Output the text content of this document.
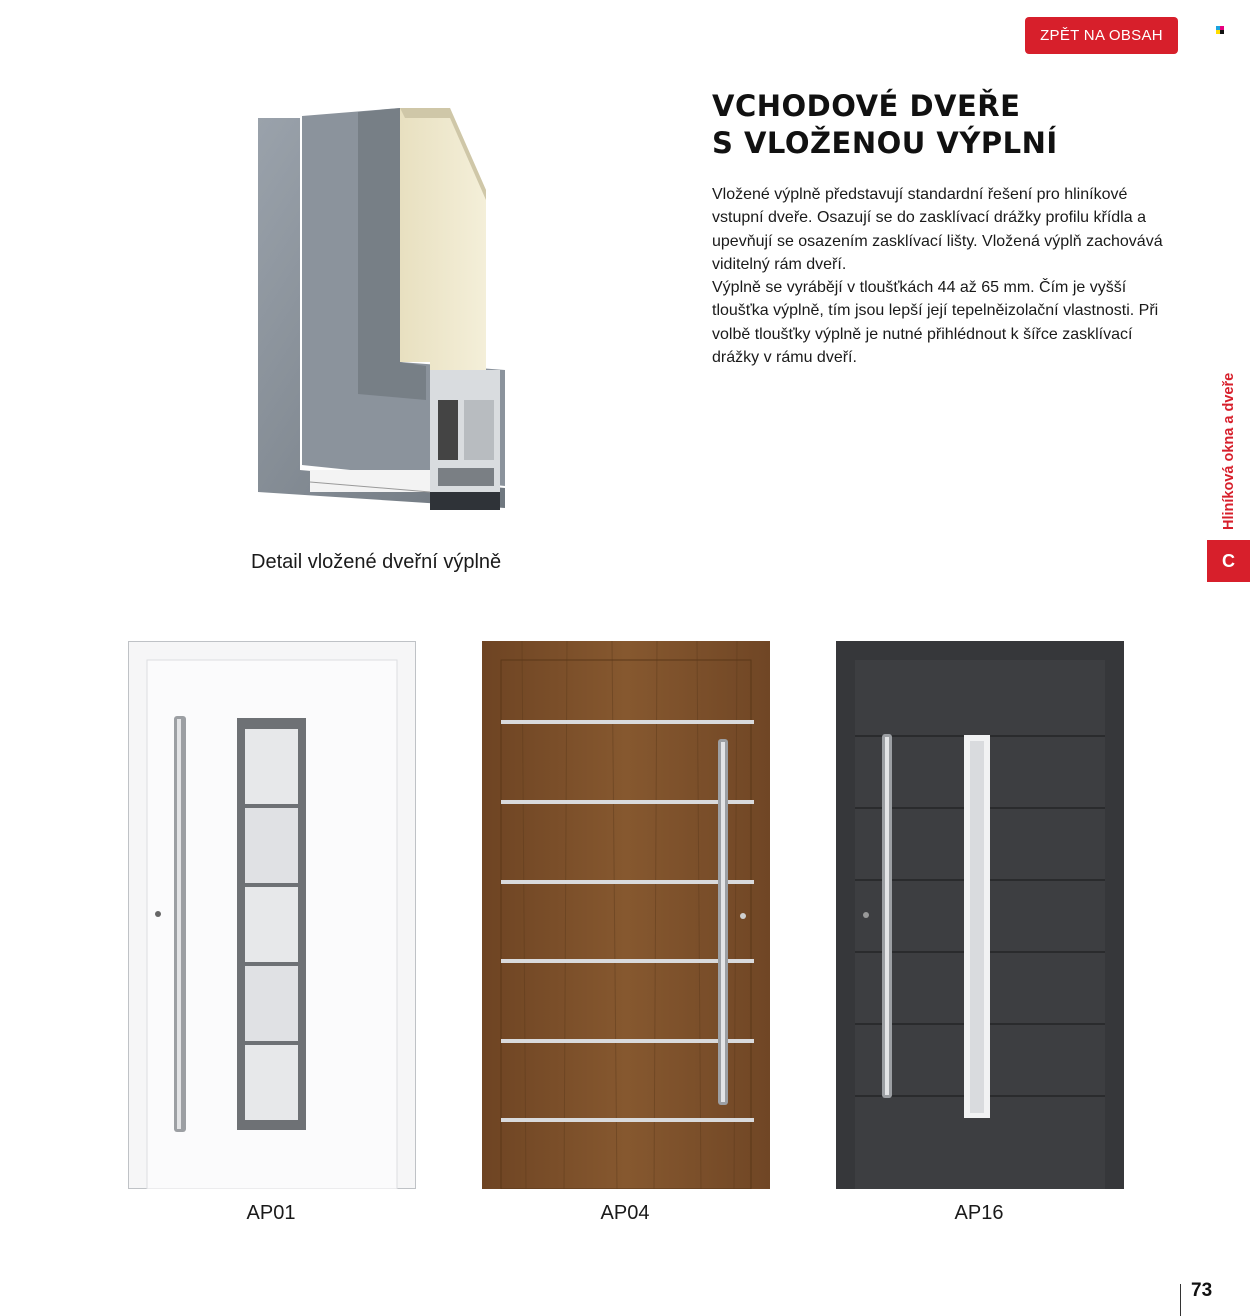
ZPĚT NA OBSAH
VCHODOVÉ DVEŘE
S VLOŽENOU VÝPLNÍ

Vložené výplně představují standardní řešení pro hliníkové vstupní dveře. Osazují se do zasklívací drážky profilu křídla a upevňují se osazením zasklívací lišty. Vložená výplň zachovává viditelný rám dveří.

Výplně se vyrábějí v tloušťkách 44 až 65 mm. Čím je vyšší tloušťka výplně, tím jsou lepší její tepelněizolační vlastnosti. Při volbě tloušťky výplně je nutné přihlédnout k šířce zasklívací drážky v rámu dveří.

Detail vložené dveřní výplně
AP01	AP04	AP16
Hliníková okna a dveře
C
73
